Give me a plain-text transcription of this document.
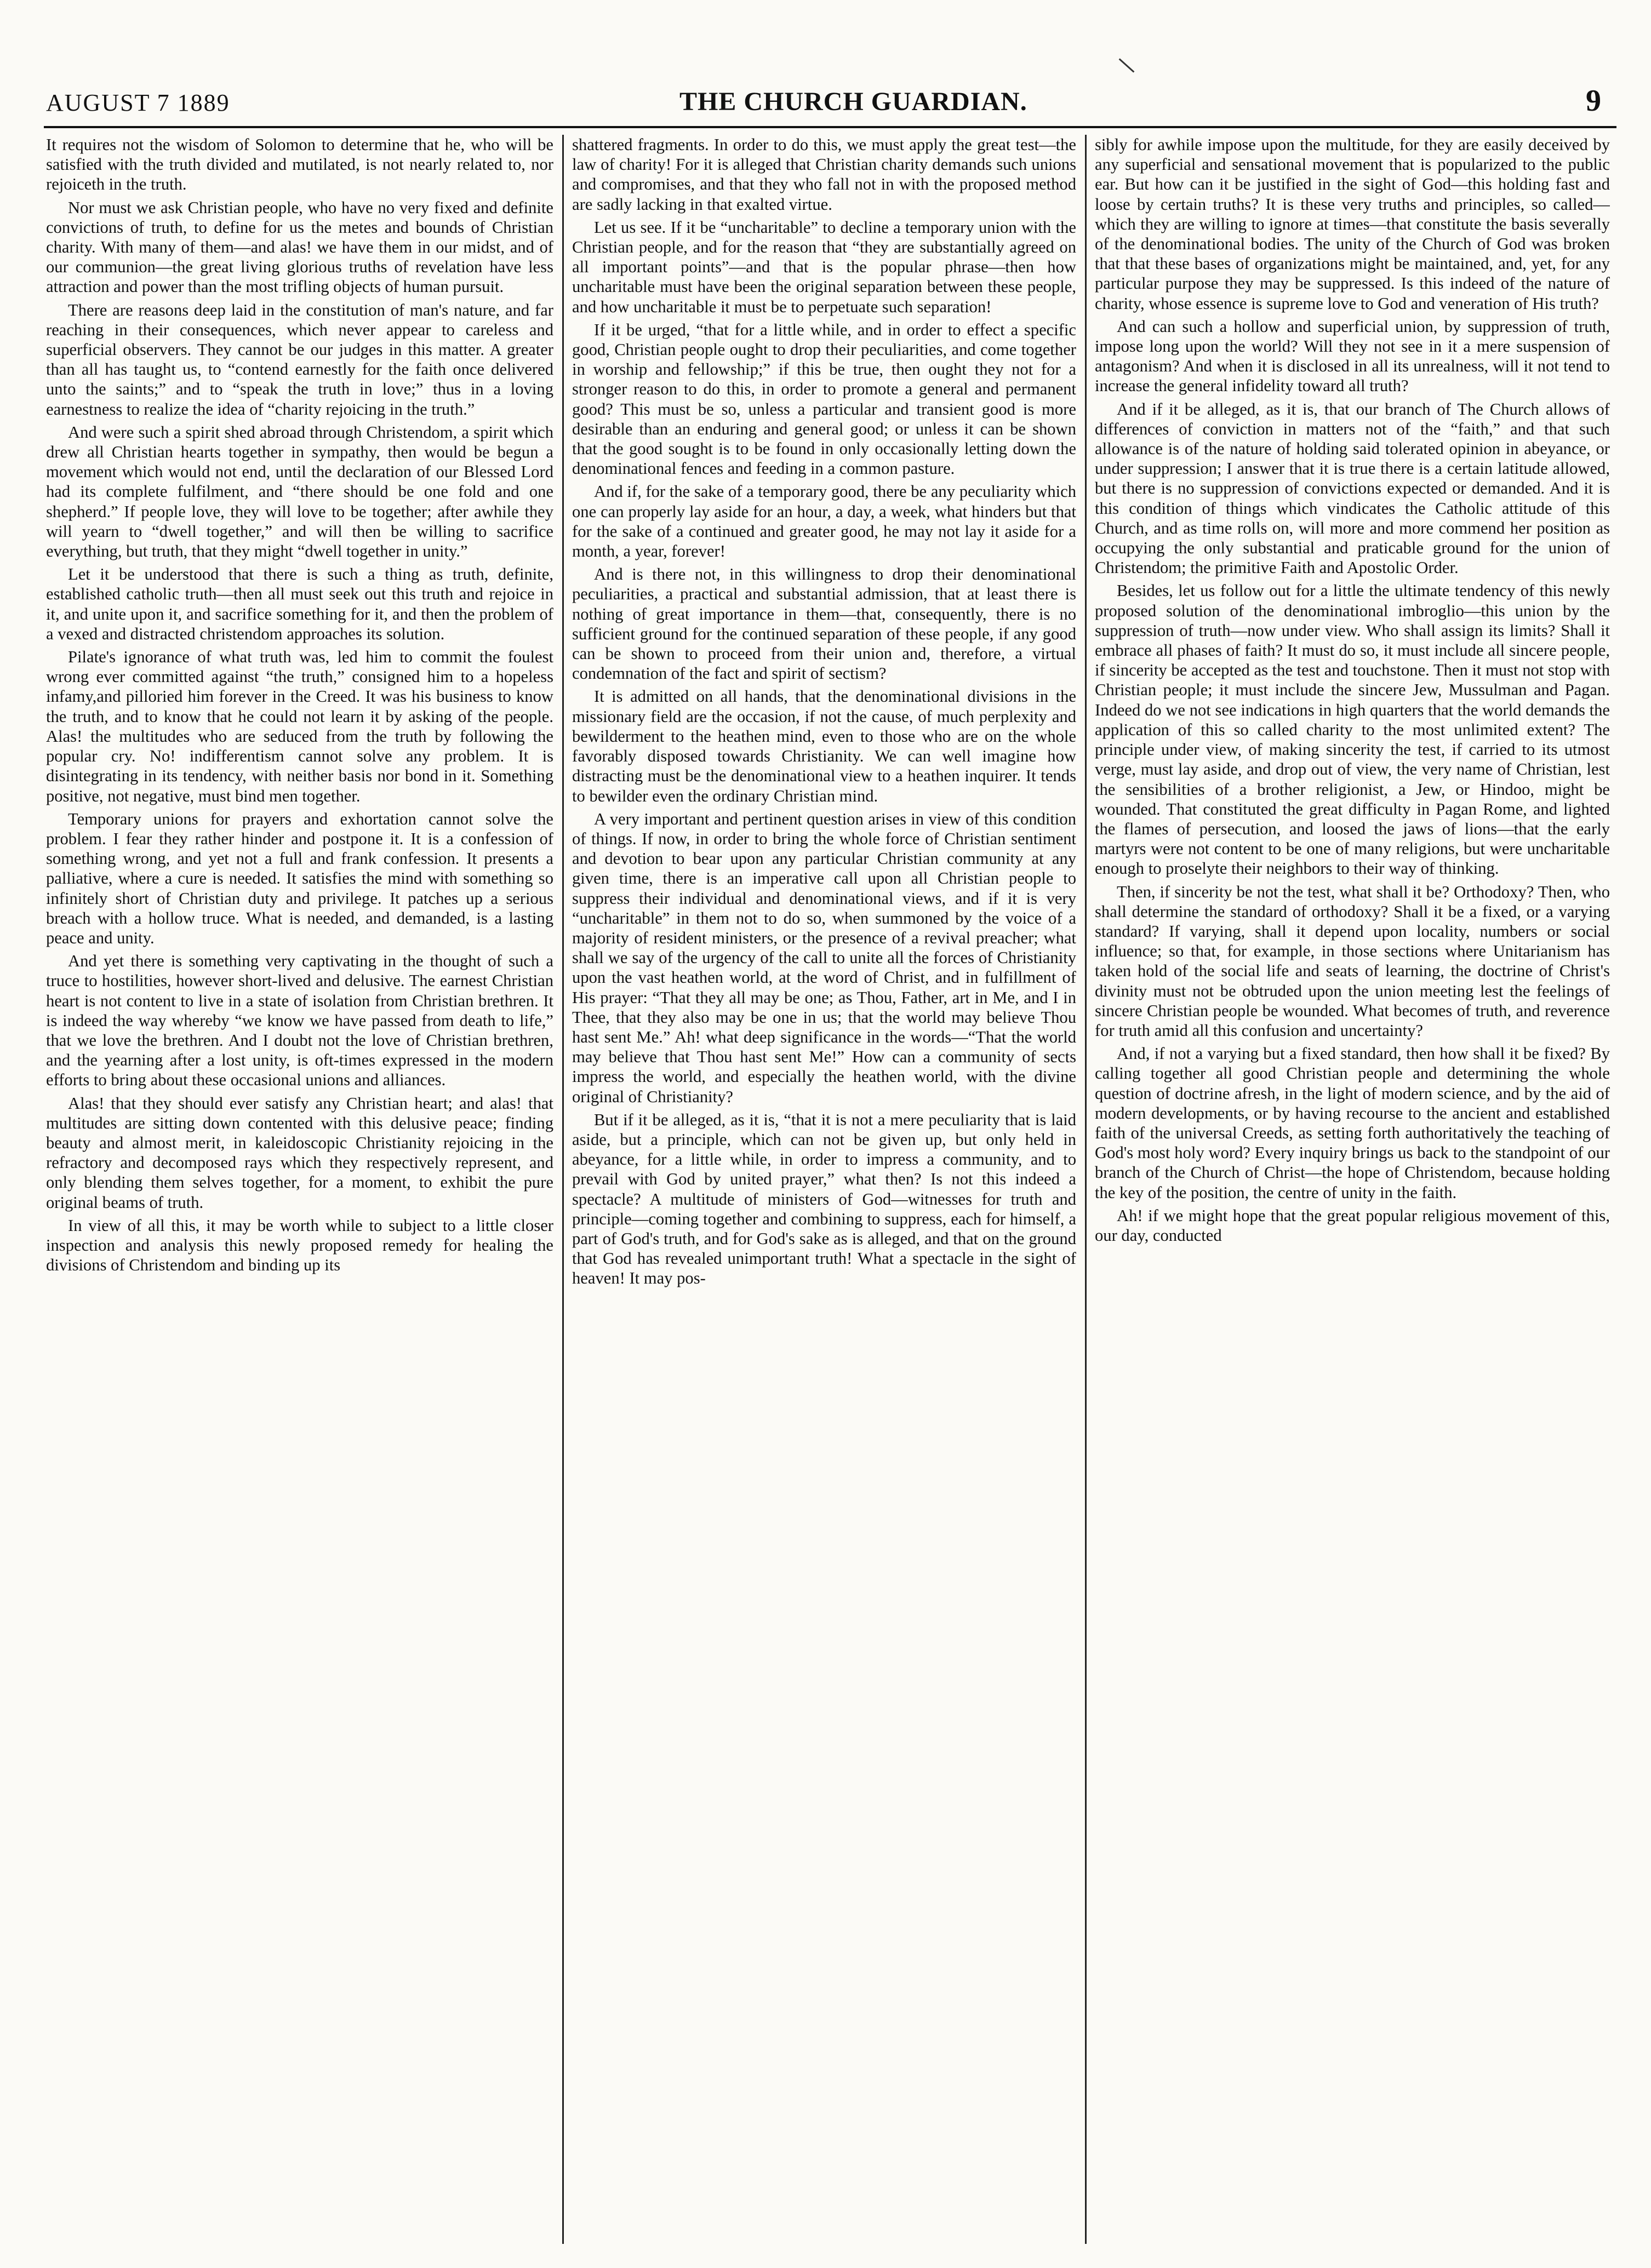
AUGUST 7 1889	THE CHURCH GUARDIAN.	9

It requires not the wisdom of Solomon to determine that he, who will be satisfied with the truth divided and mutilated, is not nearly related to, nor rejoiceth in the truth.

Nor must we ask Christian people, who have no very fixed and definite convictions of truth, to define for us the metes and bounds of Christian charity. With many of them—and alas! we have them in our midst, and of our communion—the great living glorious truths of revelation have less attraction and power than the most trifling objects of human pursuit.

There are reasons deep laid in the constitution of man's nature, and far reaching in their consequences, which never appear to careless and superficial observers. They cannot be our judges in this matter. A greater than all has taught us, to “contend earnestly for the faith once delivered unto the saints;” and to “speak the truth in love;” thus in a loving earnestness to realize the idea of “charity rejoicing in the truth.”

And were such a spirit shed abroad through Christendom, a spirit which drew all Christian hearts together in sympathy, then would be begun a movement which would not end, until the declaration of our Blessed Lord had its complete fulfilment, and “there should be one fold and one shepherd.” If people love, they will love to be together; after awhile they will yearn to “dwell together,” and will then be willing to sacrifice everything, but truth, that they might “dwell together in unity.”

Let it be understood that there is such a thing as truth, definite, established catholic truth—then all must seek out this truth and rejoice in it, and unite upon it, and sacrifice something for it, and then the problem of a vexed and distracted christendom approaches its solution.

Pilate's ignorance of what truth was, led him to commit the foulest wrong ever committed against “the truth,” consigned him to a hopeless infamy,and pilloried him forever in the Creed. It was his business to know the truth, and to know that he could not learn it by asking of the people. Alas! the multitudes who are seduced from the truth by following the popular cry. No! indifferentism cannot solve any problem. It is disintegrating in its tendency, with neither basis nor bond in it. Something positive, not negative, must bind men together.

Temporary unions for prayers and exhortation cannot solve the problem. I fear they rather hinder and postpone it. It is a confession of something wrong, and yet not a full and frank confession. It presents a palliative, where a cure is needed. It satisfies the mind with something so infinitely short of Christian duty and privilege. It patches up a serious breach with a hollow truce. What is needed, and demanded, is a lasting peace and unity.

And yet there is something very captivating in the thought of such a truce to hostilities, however short-lived and delusive. The earnest Christian heart is not content to live in a state of isolation from Christian brethren. It is indeed the way whereby “we know we have passed from death to life,” that we love the brethren. And I doubt not the love of Christian brethren, and the yearning after a lost unity, is oft-times expressed in the modern efforts to bring about these occasional unions and alliances.

Alas! that they should ever satisfy any Christian heart; and alas! that multitudes are sitting down contented with this delusive peace; finding beauty and almost merit, in kaleidoscopic Christianity rejoicing in the refractory and decomposed rays which they respectively represent, and only blending them selves together, for a moment, to exhibit the pure original beams of truth.

In view of all this, it may be worth while to subject to a little closer inspection and analysis this newly proposed remedy for healing the divisions of Christendom and binding up its

shattered fragments. In order to do this, we must apply the great test—the law of charity! For it is alleged that Christian charity demands such unions and compromises, and that they who fall not in with the proposed method are sadly lacking in that exalted virtue.

Let us see. If it be “uncharitable” to decline a temporary union with the Christian people, and for the reason that “they are substantially agreed on all important points”—and that is the popular phrase—then how uncharitable must have been the original separation between these people, and how uncharitable it must be to perpetuate such separation!

If it be urged, “that for a little while, and in order to effect a specific good, Christian people ought to drop their peculiarities, and come together in worship and fellowship;” if this be true, then ought they not for a stronger reason to do this, in order to promote a general and permanent good? This must be so, unless a particular and transient good is more desirable than an enduring and general good; or unless it can be shown that the good sought is to be found in only occasionally letting down the denominational fences and feeding in a common pasture.

And if, for the sake of a temporary good, there be any peculiarity which one can properly lay aside for an hour, a day, a week, what hinders but that for the sake of a continued and greater good, he may not lay it aside for a month, a year, forever!

And is there not, in this willingness to drop their denominational peculiarities, a practical and substantial admission, that at least there is nothing of great importance in them—that, consequently, there is no sufficient ground for the continued separation of these people, if any good can be shown to proceed from their union and, therefore, a virtual condemnation of the fact and spirit of sectism?

It is admitted on all hands, that the denominational divisions in the missionary field are the occasion, if not the cause, of much perplexity and bewilderment to the heathen mind, even to those who are on the whole favorably disposed towards Christianity. We can well imagine how distracting must be the denominational view to a heathen inquirer. It tends to bewilder even the ordinary Christian mind.

A very important and pertinent question arises in view of this condition of things. If now, in order to bring the whole force of Christian sentiment and devotion to bear upon any particular Christian community at any given time, there is an imperative call upon all Christian people to suppress their individual and denominational views, and if it is very “uncharitable” in them not to do so, when summoned by the voice of a majority of resident ministers, or the presence of a revival preacher; what shall we say of the urgency of the call to unite all the forces of Christianity upon the vast heathen world, at the word of Christ, and in fulfillment of His prayer: “That they all may be one; as Thou, Father, art in Me, and I in Thee, that they also may be one in us; that the world may believe Thou hast sent Me.” Ah! what deep significance in the words—“That the world may believe that Thou hast sent Me!” How can a community of sects impress the world, and especially the heathen world, with the divine original of Christianity?

But if it be alleged, as it is, “that it is not a mere peculiarity that is laid aside, but a principle, which can not be given up, but only held in abeyance, for a little while, in order to impress a community, and to prevail with God by united prayer,” what then? Is not this indeed a spectacle? A multitude of ministers of God—witnesses for truth and principle—coming together and combining to suppress, each for himself, a part of God's truth, and for God's sake as is alleged, and that on the ground that God has revealed unimportant truth! What a spectacle in the sight of heaven! It may pos-

sibly for awhile impose upon the multitude, for they are easily deceived by any superficial and sensational movement that is popularized to the public ear. But how can it be justified in the sight of God—this holding fast and loose by certain truths? It is these very truths and principles, so called—which they are willing to ignore at times—that constitute the basis severally of the denominational bodies. The unity of the Church of God was broken that that these bases of organizations might be maintained, and, yet, for any particular purpose they may be suppressed. Is this indeed of the nature of charity, whose essence is supreme love to God and veneration of His truth?

And can such a hollow and superficial union, by suppression of truth, impose long upon the world? Will they not see in it a mere suspension of antagonism? And when it is disclosed in all its unrealness, will it not tend to increase the general infidelity toward all truth?

And if it be alleged, as it is, that our branch of The Church allows of differences of conviction in matters not of the “faith,” and that such allowance is of the nature of holding said tolerated opinion in abeyance, or under suppression; I answer that it is true there is a certain latitude allowed, but there is no suppression of convictions expected or demanded. And it is this condition of things which vindicates the Catholic attitude of this Church, and as time rolls on, will more and more commend her position as occupying the only substantial and praticable ground for the union of Christendom; the primitive Faith and Apostolic Order.

Besides, let us follow out for a little the ultimate tendency of this newly proposed solution of the denominational imbroglio—this union by the suppression of truth—now under view. Who shall assign its limits? Shall it embrace all phases of faith? It must do so, it must include all sincere people, if sincerity be accepted as the test and touchstone. Then it must not stop with Christian people; it must include the sincere Jew, Mussulman and Pagan. Indeed do we not see indications in high quarters that the world demands the application of this so called charity to the most unlimited extent? The principle under view, of making sincerity the test, if carried to its utmost verge, must lay aside, and drop out of view, the very name of Christian, lest the sensibilities of a brother religionist, a Jew, or Hindoo, might be wounded. That constituted the great difficulty in Pagan Rome, and lighted the flames of persecution, and loosed the jaws of lions—that the early martyrs were not content to be one of many religions, but were uncharitable enough to proselyte their neighbors to their way of thinking.

Then, if sincerity be not the test, what shall it be? Orthodoxy? Then, who shall determine the standard of orthodoxy? Shall it be a fixed, or a varying standard? If varying, shall it depend upon locality, numbers or social influence; so that, for example, in those sections where Unitarianism has taken hold of the social life and seats of learning, the doctrine of Christ's divinity must not be obtruded upon the union meeting lest the feelings of sincere Christian people be wounded. What becomes of truth, and reverence for truth amid all this confusion and uncertainty?

And, if not a varying but a fixed standard, then how shall it be fixed? By calling together all good Christian people and determining the whole question of doctrine afresh, in the light of modern science, and by the aid of modern developments, or by having recourse to the ancient and established faith of the universal Creeds, as setting forth authoritatively the teaching of God's most holy word? Every inquiry brings us back to the standpoint of our branch of the Church of Christ—the hope of Christendom, because holding the key of the position, the centre of unity in the faith.

Ah! if we might hope that the great popular religious movement of this, our day, conducted
